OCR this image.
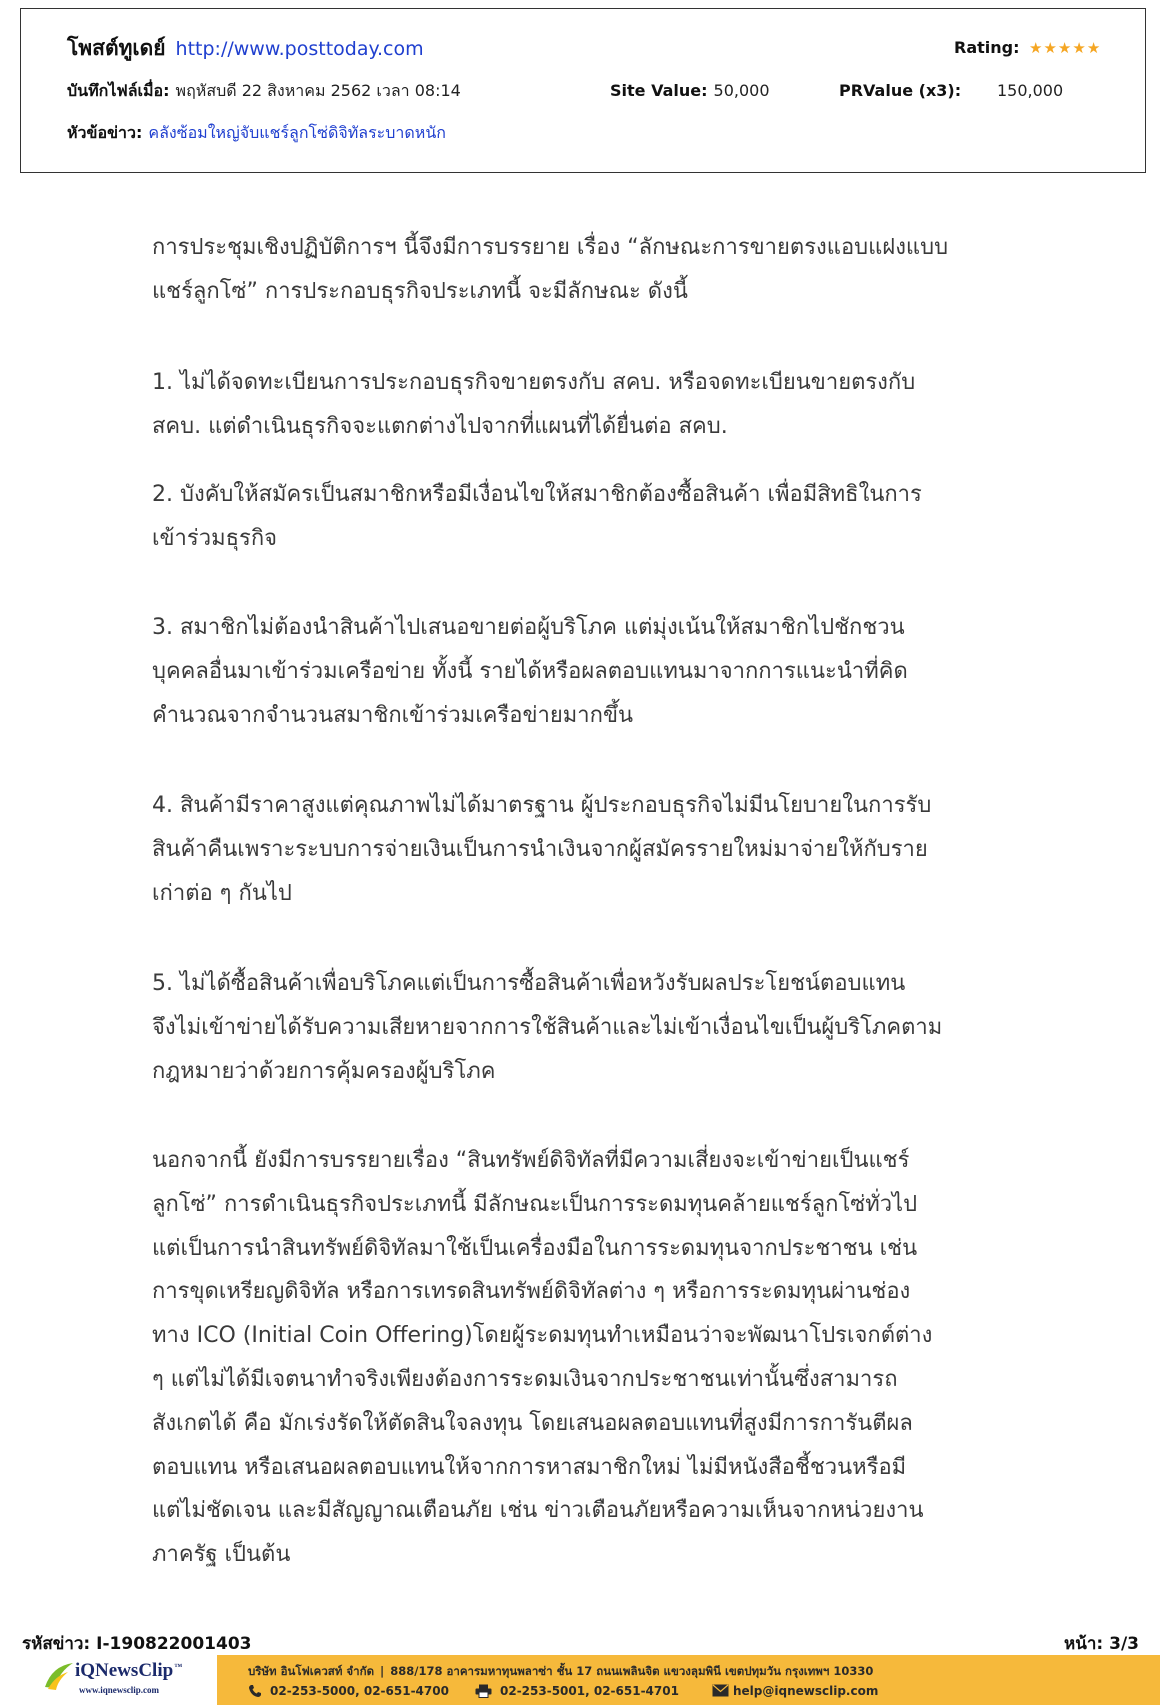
โพสต์ทูเดย์ http://www.posttoday.com	Rating: ★★★★★
บันทึกไฟล์เมื่อ: พฤหัสบดี 22 สิงหาคม 2562 เวลา 08:14	Site Value: 50,000	PRValue (x3): 150,000
หัวข้อข่าว: คลังซ้อมใหญ่จับแชร์ลูกโซ่ดิจิทัลระบาดหนัก
การประชุมเชิงปฏิบัติการฯ นี้จึงมีการบรรยาย เรื่อง “ลักษณะการขายตรงแอบแฝงแบบ
แชร์ลูกโซ่” การประกอบธุรกิจประเภทนี้ จะมีลักษณะ ดังนี้
1. ไม่ได้จดทะเบียนการประกอบธุรกิจขายตรงกับ สคบ. หรือจดทะเบียนขายตรงกับ
สคบ. แต่ดำเนินธุรกิจจะแตกต่างไปจากที่แผนที่ได้ยื่นต่อ สคบ.
2. บังคับให้สมัครเป็นสมาชิกหรือมีเงื่อนไขให้สมาชิกต้องซื้อสินค้า เพื่อมีสิทธิในการ
เข้าร่วมธุรกิจ
3. สมาชิกไม่ต้องนำสินค้าไปเสนอขายต่อผู้บริโภค แต่มุ่งเน้นให้สมาชิกไปชักชวน
บุคคลอื่นมาเข้าร่วมเครือข่าย ทั้งนี้ รายได้หรือผลตอบแทนมาจากการแนะนำที่คิด
คำนวณจากจำนวนสมาชิกเข้าร่วมเครือข่ายมากขึ้น
4. สินค้ามีราคาสูงแต่คุณภาพไม่ได้มาตรฐาน ผู้ประกอบธุรกิจไม่มีนโยบายในการรับ
สินค้าคืนเพราะระบบการจ่ายเงินเป็นการนำเงินจากผู้สมัครรายใหม่มาจ่ายให้กับราย
เก่าต่อ ๆ กันไป
5. ไม่ได้ซื้อสินค้าเพื่อบริโภคแต่เป็นการซื้อสินค้าเพื่อหวังรับผลประโยชน์ตอบแทน
จึงไม่เข้าข่ายได้รับความเสียหายจากการใช้สินค้าและไม่เข้าเงื่อนไขเป็นผู้บริโภคตาม
กฎหมายว่าด้วยการคุ้มครองผู้บริโภค
นอกจากนี้ ยังมีการบรรยายเรื่อง “สินทรัพย์ดิจิทัลที่มีความเสี่ยงจะเข้าข่ายเป็นแชร์
ลูกโซ่” การดำเนินธุรกิจประเภทนี้ มีลักษณะเป็นการระดมทุนคล้ายแชร์ลูกโซ่ทั่วไป
แต่เป็นการนำสินทรัพย์ดิจิทัลมาใช้เป็นเครื่องมือในการระดมทุนจากประชาชน เช่น
การขุดเหรียญดิจิทัล หรือการเทรดสินทรัพย์ดิจิทัลต่าง ๆ หรือการระดมทุนผ่านช่อง
ทาง ICO (Initial Coin Offering)โดยผู้ระดมทุนทำเหมือนว่าจะพัฒนาโปรเจกต์ต่าง
ๆ แต่ไม่ได้มีเจตนาทำจริงเพียงต้องการระดมเงินจากประชาชนเท่านั้นซึ่งสามารถ
สังเกตได้ คือ มักเร่งรัดให้ตัดสินใจลงทุน โดยเสนอผลตอบแทนที่สูงมีการการันตีผล
ตอบแทน หรือเสนอผลตอบแทนให้จากการหาสมาชิกใหม่ ไม่มีหนังสือชี้ชวนหรือมี
แต่ไม่ชัดเจน และมีสัญญาณเตือนภัย เช่น ข่าวเตือนภัยหรือความเห็นจากหน่วยงาน
ภาครัฐ เป็นต้น
รหัสข่าว: I-190822001403	หน้า: 3/3
iQNewsClip™
www.iqnewsclip.com
บริษัท อินโฟเควสท์ จำกัด | 888/178 อาคารมหาทุนพลาซ่า ชั้น 17 ถนนเพลินจิต แขวงลุมพินี เขตปทุมวัน กรุงเทพฯ 10330
02-253-5000, 02-651-4700	02-253-5001, 02-651-4701	help@iqnewsclip.com
